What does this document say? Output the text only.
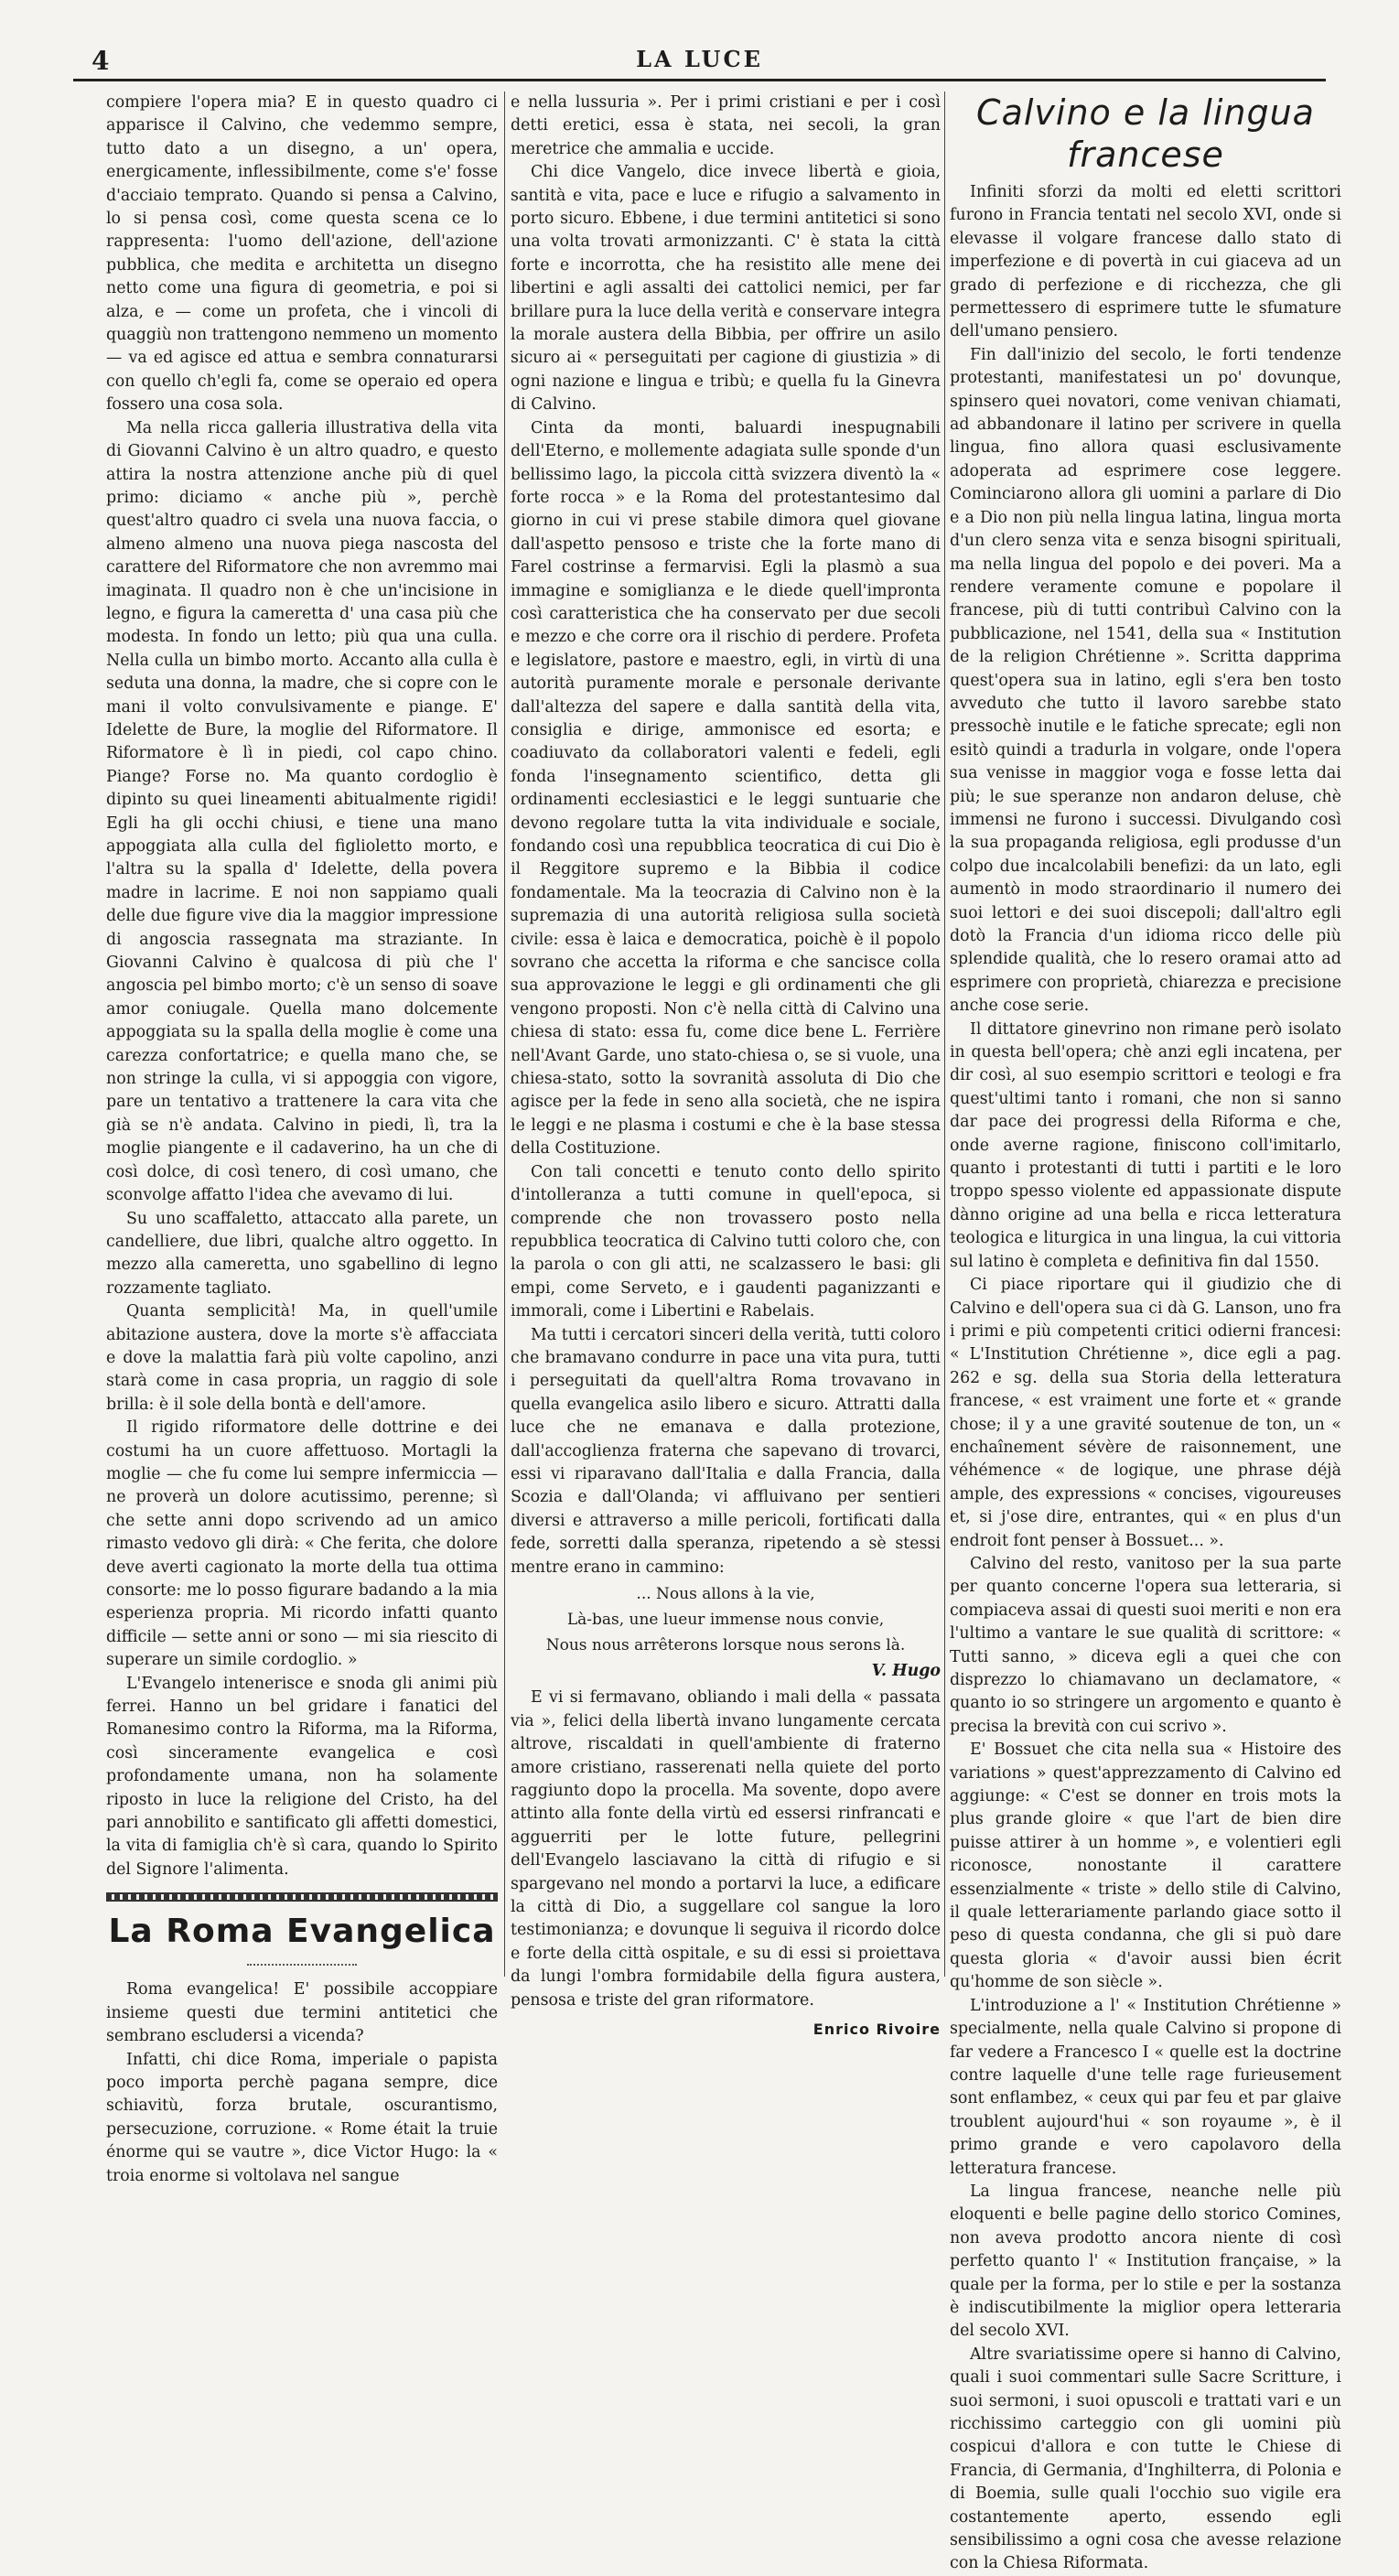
4	LA LUCE

compiere l'opera mia? E in questo quadro ci apparisce il Calvino, che vedemmo sempre, tutto dato a un disegno, a un' opera, energicamente, inflessibilmente, come s'e' fosse d'acciaio temprato. Quando si pensa a Calvino, lo si pensa così, come questa scena ce lo rappresenta: l'uomo dell'azione, dell'azione pubblica, che medita e architetta un disegno netto come una figura di geometria, e poi si alza, e — come un profeta, che i vincoli di quaggiù non trattengono nemmeno un momento — va ed agisce ed attua e sembra connaturarsi con quello ch'egli fa, come se operaio ed opera fossero una cosa sola.

Ma nella ricca galleria illustrativa della vita di Giovanni Calvino è un altro quadro, e questo attira la nostra attenzione anche più di quel primo: diciamo « anche più », perchè quest'altro quadro ci svela una nuova faccia, o almeno almeno una nuova piega nascosta del carattere del Riformatore che non avremmo mai imaginata. Il quadro non è che un'incisione in legno, e figura la cameretta d' una casa più che modesta. In fondo un letto; più qua una culla. Nella culla un bimbo morto. Accanto alla culla è seduta una donna, la madre, che si copre con le mani il volto convulsivamente e piange. E' Idelette de Bure, la moglie del Riformatore. Il Riformatore è lì in piedi, col capo chino. Piange? Forse no. Ma quanto cordoglio è dipinto su quei lineamenti abitualmente rigidi! Egli ha gli occhi chiusi, e tiene una mano appoggiata alla culla del figlioletto morto, e l'altra su la spalla d' Idelette, della povera madre in lacrime. E noi non sappiamo quali delle due figure vive dia la maggior impressione di angoscia rassegnata ma straziante. In Giovanni Calvino è qualcosa di più che l' angoscia pel bimbo morto; c'è un senso di soave amor coniugale. Quella mano dolcemente appoggiata su la spalla della moglie è come una carezza confortatrice; e quella mano che, se non stringe la culla, vi si appoggia con vigore, pare un tentativo a trattenere la cara vita che già se n'è andata. Calvino in piedi, lì, tra la moglie piangente e il cadaverino, ha un che di così dolce, di così tenero, di così umano, che sconvolge affatto l'idea che avevamo di lui.

Su uno scaffaletto, attaccato alla parete, un candelliere, due libri, qualche altro oggetto. In mezzo alla cameretta, uno sgabellino di legno rozzamente tagliato.

Quanta semplicità! Ma, in quell'umile abitazione austera, dove la morte s'è affacciata e dove la malattia farà più volte capolino, anzi starà come in casa propria, un raggio di sole brilla: è il sole della bontà e dell'amore.

Il rigido riformatore delle dottrine e dei costumi ha un cuore affettuoso. Mortagli la moglie — che fu come lui sempre infermiccia — ne proverà un dolore acutissimo, perenne; sì che sette anni dopo scrivendo ad un amico rimasto vedovo gli dirà: « Che ferita, che dolore deve averti cagionato la morte della tua ottima consorte: me lo posso figurare badando a la mia esperienza propria. Mi ricordo infatti quanto difficile — sette anni or sono — mi sia riescito di superare un simile cordoglio. »

L'Evangelo intenerisce e snoda gli animi più ferrei. Hanno un bel gridare i fanatici del Romanesimo contro la Riforma, ma la Riforma, così sinceramente evangelica e così profondamente umana, non ha solamente riposto in luce la religione del Cristo, ha del pari annobilito e santificato gli affetti domestici, la vita di famiglia ch'è sì cara, quando lo Spirito del Signore l'alimenta.

La Roma Evangelica

Roma evangelica! E' possibile accoppiare insieme questi due termini antitetici che sembrano escludersi a vicenda?

Infatti, chi dice Roma, imperiale o papista poco importa perchè pagana sempre, dice schiavitù, forza brutale, oscurantismo, persecuzione, corruzione. « Rome était la truie énorme qui se vautre », dice Victor Hugo: la « troia enorme si voltolava nel sangue

e nella lussuria ». Per i primi cristiani e per i così detti eretici, essa è stata, nei secoli, la gran meretrice che ammalia e uccide.

Chi dice Vangelo, dice invece libertà e gioia, santità e vita, pace e luce e rifugio a salvamento in porto sicuro. Ebbene, i due termini antitetici si sono una volta trovati armonizzanti. C' è stata la città forte e incorrotta, che ha resistito alle mene dei libertini e agli assalti dei cattolici nemici, per far brillare pura la luce della verità e conservare integra la morale austera della Bibbia, per offrire un asilo sicuro ai « perseguitati per cagione di giustizia » di ogni nazione e lingua e tribù; e quella fu la Ginevra di Calvino.

Cinta da monti, baluardi inespugnabili dell'Eterno, e mollemente adagiata sulle sponde d'un bellissimo lago, la piccola città svizzera diventò la « forte rocca » e la Roma del protestantesimo dal giorno in cui vi prese stabile dimora quel giovane dall'aspetto pensoso e triste che la forte mano di Farel costrinse a fermarvisi. Egli la plasmò a sua immagine e somiglianza e le diede quell'impronta così caratteristica che ha conservato per due secoli e mezzo e che corre ora il rischio di perdere. Profeta e legislatore, pastore e maestro, egli, in virtù di una autorità puramente morale e personale derivante dall'altezza del sapere e dalla santità della vita, consiglia e dirige, ammonisce ed esorta; e coadiuvato da collaboratori valenti e fedeli, egli fonda l'insegnamento scientifico, detta gli ordinamenti ecclesiastici e le leggi suntuarie che devono regolare tutta la vita individuale e sociale, fondando così una repubblica teocratica di cui Dio è il Reggitore supremo e la Bibbia il codice fondamentale. Ma la teocrazia di Calvino non è la supremazia di una autorità religiosa sulla società civile: essa è laica e democratica, poichè è il popolo sovrano che accetta la riforma e che sancisce colla sua approvazione le leggi e gli ordinamenti che gli vengono proposti. Non c'è nella città di Calvino una chiesa di stato: essa fu, come dice bene L. Ferrière nell'Avant Garde, uno stato-chiesa o, se si vuole, una chiesa-stato, sotto la sovranità assoluta di Dio che agisce per la fede in seno alla società, che ne ispira le leggi e ne plasma i costumi e che è la base stessa della Costituzione.

Con tali concetti e tenuto conto dello spirito d'intolleranza a tutti comune in quell'epoca, si comprende che non trovassero posto nella repubblica teocratica di Calvino tutti coloro che, con la parola o con gli atti, ne scalzassero le basi: gli empi, come Serveto, e i gaudenti paganizzanti e immorali, come i Libertini e Rabelais.

Ma tutti i cercatori sinceri della verità, tutti coloro che bramavano condurre in pace una vita pura, tutti i perseguitati da quell'altra Roma trovavano in quella evangelica asilo libero e sicuro. Attratti dalla luce che ne emanava e dalla protezione, dall'accoglienza fraterna che sapevano di trovarci, essi vi riparavano dall'Italia e dalla Francia, dalla Scozia e dall'Olanda; vi affluivano per sentieri diversi e attraverso a mille pericoli, fortificati dalla fede, sorretti dalla speranza, ripetendo a sè stessi mentre erano in cammino:

... Nous allons à la vie,
Là-bas, une lueur immense nous convie,
Nous nous arrêterons lorsque nous serons là.
V. Hugo

E vi si fermavano, obliando i mali della « passata via », felici della libertà invano lungamente cercata altrove, riscaldati in quell'ambiente di fraterno amore cristiano, rasserenati nella quiete del porto raggiunto dopo la procella. Ma sovente, dopo avere attinto alla fonte della virtù ed essersi rinfrancati e agguerriti per le lotte future, pellegrini dell'Evangelo lasciavano la città di rifugio e si spargevano nel mondo a portarvi la luce, a edificare la città di Dio, a suggellare col sangue la loro testimonianza; e dovunque li seguiva il ricordo dolce e forte della città ospitale, e su di essi si proiettava da lungi l'ombra formidabile della figura austera, pensosa e triste del gran riformatore.

Enrico Rivoire
Calvino e la lingua francese

Infiniti sforzi da molti ed eletti scrittori furono in Francia tentati nel secolo XVI, onde si elevasse il volgare francese dallo stato di imperfezione e di povertà in cui giaceva ad un grado di perfezione e di ricchezza, che gli permettessero di esprimere tutte le sfumature dell'umano pensiero.

Fin dall'inizio del secolo, le forti tendenze protestanti, manifestatesi un po' dovunque, spinsero quei novatori, come venivan chiamati, ad abbandonare il latino per scrivere in quella lingua, fino allora quasi esclusivamente adoperata ad esprimere cose leggere. Cominciarono allora gli uomini a parlare di Dio e a Dio non più nella lingua latina, lingua morta d'un clero senza vita e senza bisogni spirituali, ma nella lingua del popolo e dei poveri. Ma a rendere veramente comune e popolare il francese, più di tutti contribuì Calvino con la pubblicazione, nel 1541, della sua « Institution de la religion Chrétienne ». Scritta dapprima quest'opera sua in latino, egli s'era ben tosto avveduto che tutto il lavoro sarebbe stato pressochè inutile e le fatiche sprecate; egli non esitò quindi a tradurla in volgare, onde l'opera sua venisse in maggior voga e fosse letta dai più; le sue speranze non andaron deluse, chè immensi ne furono i successi. Divulgando così la sua propaganda religiosa, egli produsse d'un colpo due incalcolabili benefizi: da un lato, egli aumentò in modo straordinario il numero dei suoi lettori e dei suoi discepoli; dall'altro egli dotò la Francia d'un idioma ricco delle più splendide qualità, che lo resero oramai atto ad esprimere con proprietà, chiarezza e precisione anche cose serie.

Il dittatore ginevrino non rimane però isolato in questa bell'opera; chè anzi egli incatena, per dir così, al suo esempio scrittori e teologi e fra quest'ultimi tanto i romani, che non si sanno dar pace dei progressi della Riforma e che, onde averne ragione, finiscono coll'imitarlo, quanto i protestanti di tutti i partiti e le loro troppo spesso violente ed appassionate dispute dànno origine ad una bella e ricca letteratura teologica e liturgica in una lingua, la cui vittoria sul latino è completa e definitiva fin dal 1550.

Ci piace riportare qui il giudizio che di Calvino e dell'opera sua ci dà G. Lanson, uno fra i primi e più competenti critici odierni francesi: « L'Institution Chrétienne », dice egli a pag. 262 e sg. della sua Storia della letteratura francese, « est vraiment une forte et « grande chose; il y a une gravité soutenue de ton, un « enchaînement sévère de raisonnement, une véhémence « de logique, une phrase déjà ample, des expressions « concises, vigoureuses et, si j'ose dire, entrantes, qui « en plus d'un endroit font penser à Bossuet... ».

Calvino del resto, vanitoso per la sua parte per quanto concerne l'opera sua letteraria, si compiaceva assai di questi suoi meriti e non era l'ultimo a vantare le sue qualità di scrittore: « Tutti sanno, » diceva egli a quei che con disprezzo lo chiamavano un declamatore, « quanto io so stringere un argomento e quanto è precisa la brevità con cui scrivo ».

E' Bossuet che cita nella sua « Histoire des variations » quest'apprezzamento di Calvino ed aggiunge: « C'est se donner en trois mots la plus grande gloire « que l'art de bien dire puisse attirer à un homme », e volentieri egli riconosce, nonostante il carattere essenzialmente « triste » dello stile di Calvino, il quale letterariamente parlando giace sotto il peso di questa condanna, che gli si può dare questa gloria « d'avoir aussi bien écrit qu'homme de son siècle ».

L'introduzione a l' « Institution Chrétienne » specialmente, nella quale Calvino si propone di far vedere a Francesco I « quelle est la doctrine contre laquelle d'une telle rage furieusement sont enflambez, « ceux qui par feu et par glaive troublent aujourd'hui « son royaume », è il primo grande e vero capolavoro della letteratura francese.

La lingua francese, neanche nelle più eloquenti e belle pagine dello storico Comines, non aveva prodotto ancora niente di così perfetto quanto l' « Institution française, » la quale per la forma, per lo stile e per la sostanza è indiscutibilmente la miglior opera letteraria del secolo XVI.

Altre svariatissime opere si hanno di Calvino, quali i suoi commentari sulle Sacre Scritture, i suoi sermoni, i suoi opuscoli e trattati vari e un ricchissimo carteggio con gli uomini più cospicui d'allora e con tutte le Chiese di Francia, di Germania, d'Inghilterra, di Polonia e di Boemia, sulle quali l'occhio suo vigile era costantemente aperto, essendo egli sensibilissimo a ogni cosa che avesse relazione con la Chiesa Riformata.
